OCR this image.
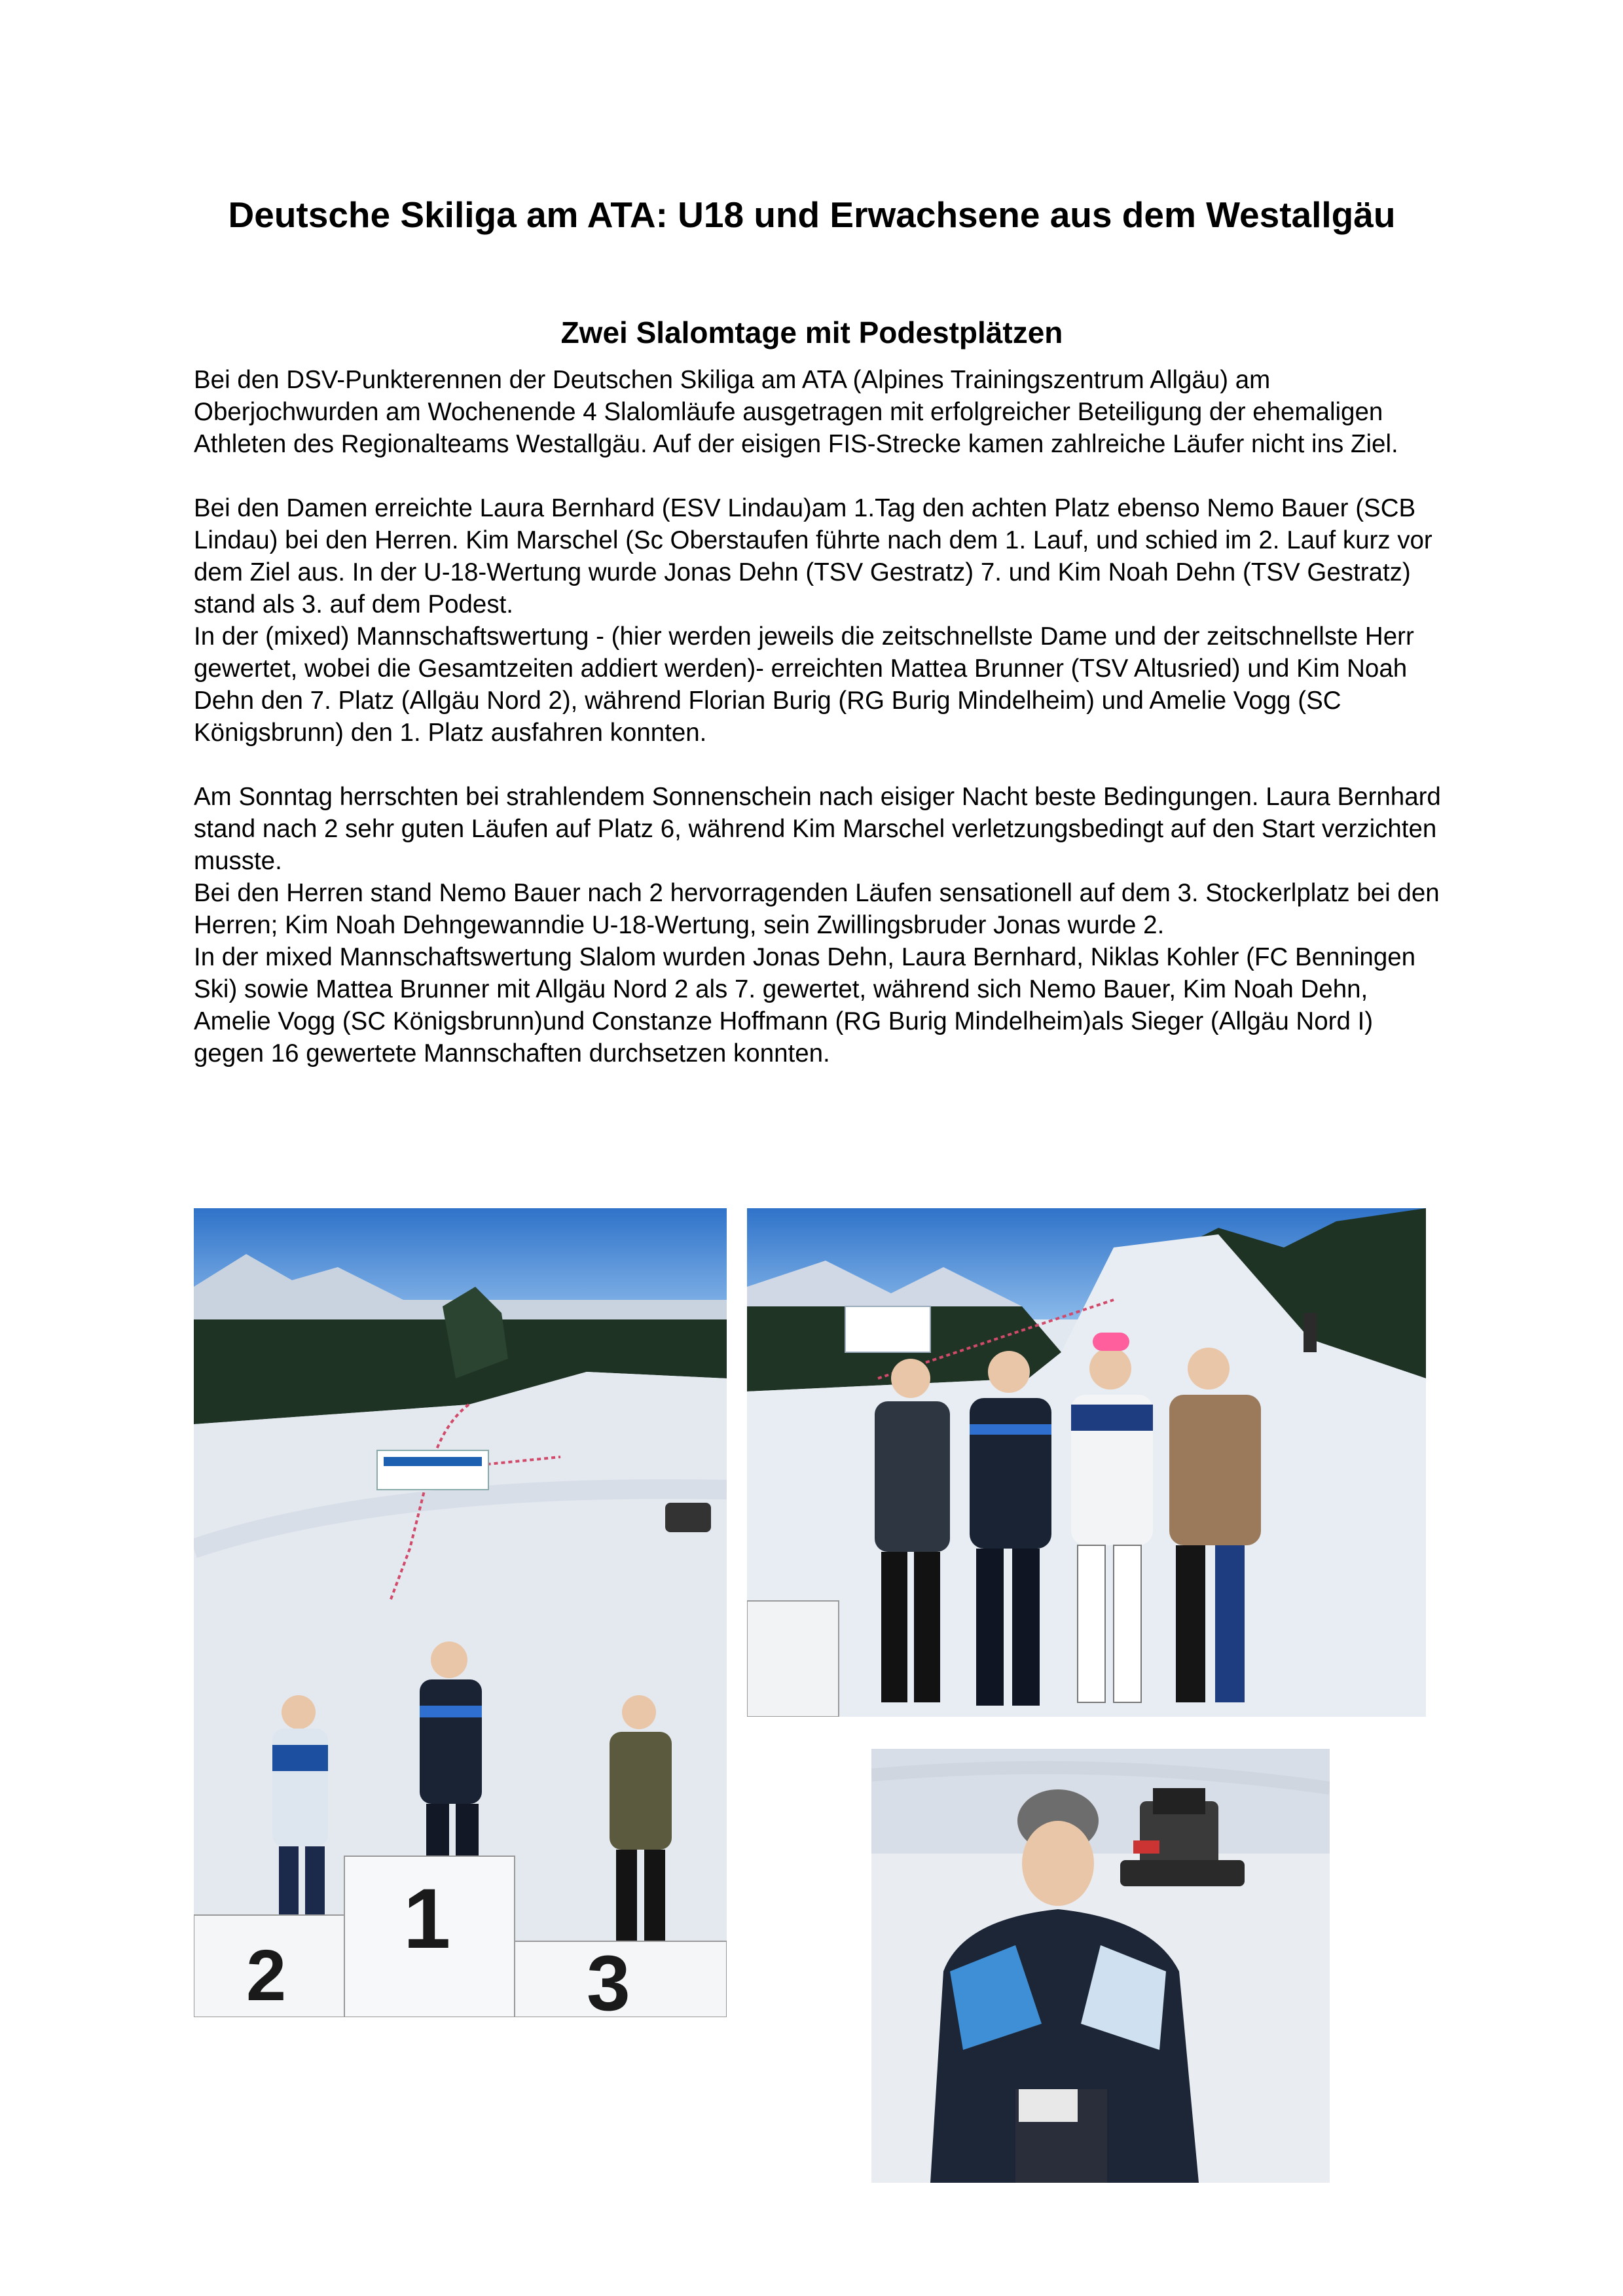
Deutsche Skiliga am ATA: U18 und Erwachsene aus dem Westallgäu
Zwei Slalomtage mit Podestplätzen

Bei den DSV-Punkterennen der Deutschen Skiliga am ATA (Alpines Trainingszentrum Allgäu) am Oberjochwurden am Wochenende 4 Slalomläufe ausgetragen mit erfolgreicher Beteiligung der ehemaligen Athleten des Regionalteams Westallgäu. Auf der eisigen FIS-Strecke kamen zahlreiche Läufer nicht ins Ziel.

Bei den Damen erreichte Laura Bernhard (ESV Lindau)am 1.Tag den achten Platz ebenso Nemo Bauer (SCB Lindau) bei den Herren. Kim Marschel (Sc Oberstaufen führte nach dem 1. Lauf, und schied im 2. Lauf kurz vor dem Ziel aus. In der U-18-Wertung wurde Jonas Dehn (TSV Gestratz) 7. und Kim Noah Dehn (TSV Gestratz) stand als 3. auf dem Podest.

In der (mixed) Mannschaftswertung - (hier werden jeweils die zeitschnellste Dame und der zeitschnellste Herr gewertet, wobei die Gesamtzeiten addiert werden)- erreichten Mattea Brunner (TSV Altusried) und Kim Noah Dehn den 7. Platz (Allgäu Nord 2), während Florian Burig (RG Burig Mindelheim) und Amelie Vogg (SC Königsbrunn) den 1. Platz ausfahren konnten.

Am Sonntag herrschten bei strahlendem Sonnenschein nach eisiger Nacht beste Bedingungen. Laura Bernhard stand nach 2 sehr guten Läufen auf Platz 6, während Kim Marschel verletzungsbedingt auf den Start verzichten musste.

Bei den Herren stand Nemo Bauer nach 2 hervorragenden Läufen sensationell auf dem 3. Stockerlplatz bei den Herren; Kim Noah Dehngewanndie U-18-Wertung, sein Zwillingsbruder Jonas wurde 2.

In der mixed Mannschaftswertung Slalom wurden Jonas Dehn, Laura Bernhard, Niklas Kohler (FC Benningen Ski) sowie Mattea Brunner mit Allgäu Nord 2 als 7. gewertet, während sich Nemo Bauer, Kim Noah Dehn, Amelie Vogg (SC Königsbrunn)und Constanze Hoffmann (RG Burig Mindelheim)als Sieger (Allgäu Nord I) gegen 16 gewertete Mannschaften durchsetzen konnten.

2
1
3
